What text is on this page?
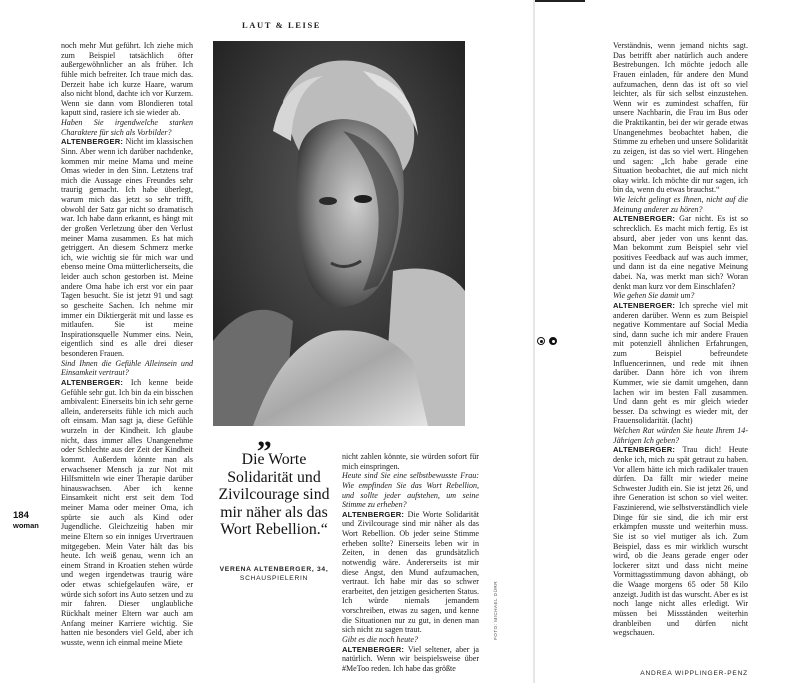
LAUT & LEISE

noch mehr Mut geführt. Ich ziehe mich zum Beispiel tatsächlich öfter außergewöhnlicher an als früher. Ich fühle mich befreiter. Ich traue mich das. Derzeit habe ich kurze Haare, warum also nicht blond, dachte ich vor Kurzem. Wenn sie dann vom Blondieren total kaputt sind, rasiere ich sie wieder ab.

Haben Sie irgendwelche starken Charaktere für sich als Vorbilder?

ALTENBERGER: Nicht im klassischen Sinn. Aber wenn ich darüber nachdenke, kommen mir meine Mama und meine Omas wieder in den Sinn. Letztens traf mich die Aussage eines Freundes sehr traurig gemacht. Ich habe überlegt, warum mich das jetzt so sehr trifft, obwohl der Satz gar nicht so dramatisch war. Ich habe dann erkannt, es hängt mit der großen Verletzung über den Verlust meiner Mama zusammen. Es hat mich getriggert. An diesem Schmerz merke ich, wie wichtig sie für mich war und ebenso meine Oma mütterlicherseits, die leider auch schon gestorben ist. Meine andere Oma habe ich erst vor ein paar Tagen besucht. Sie ist jetzt 91 und sagt so gescheite Sachen. Ich nehme mir immer ein Diktiergerät mit und lasse es mitlaufen. Sie ist meine Inspirationsquelle Nummer eins. Nein, eigentlich sind es alle drei dieser besonderen Frauen.

Sind Ihnen die Gefühle Alleinsein und Einsamkeit vertraut?

ALTENBERGER: Ich kenne beide Gefühle sehr gut. Ich bin da ein bisschen ambivalent: Einerseits bin ich sehr gerne allein, andererseits fühle ich mich auch oft einsam. Man sagt ja, diese Gefühle wurzeln in der Kindheit. Ich glaube nicht, dass immer alles Unangenehme oder Schlechte aus der Zeit der Kindheit kommt. Außerdem könnte man als erwachsener Mensch ja zur Not mit Hilfsmitteln wie einer Therapie darüber hinauswachsen. Aber ich kenne Einsamkeit nicht erst seit dem Tod meiner Mama oder meiner Oma, ich spürte sie auch als Kind oder Jugendliche. Gleichzeitig haben mir meine Eltern so ein inniges Urvertrauen mitgegeben. Mein Vater hält das bis heute. Ich weiß genau, wenn ich an einem Strand in Kroatien stehen würde und wegen irgendetwas traurig wäre oder etwas schiefgelaufen wäre, er würde sich sofort ins Auto setzen und zu mir fahren. Dieser unglaubliche Rückhalt meiner Eltern war auch am Anfang meiner Karriere wichtig. Sie hatten nie besonders viel Geld, aber ich wusste, wenn ich einmal meine Miete

„
Die Worte Solidarität und Zivilcourage sind mir näher als das Wort Rebellion.“
VERENA ALTENBERGER, 34,
SCHAUSPIELERIN

nicht zahlen könnte, sie würden sofort für mich einspringen.

Heute sind Sie eine selbstbewusste Frau: Wie empfinden Sie das Wort Rebellion, und sollte jeder aufstehen, um seine Stimme zu erheben?

ALTENBERGER: Die Worte Solidarität und Zivilcourage sind mir näher als das Wort Rebellion. Ob jeder seine Stimme erheben sollte? Einerseits leben wir in Zeiten, in denen das grundsätzlich notwendig wäre. Andererseits ist mir diese Angst, den Mund aufzumachen, vertraut. Ich habe mir das so schwer erarbeitet, den jetzigen gesicherten Status. Ich würde niemals jemandem vorschreiben, etwas zu sagen, und kenne die Situationen nur zu gut, in denen man sich nicht zu sagen traut.

Gibt es die noch heute?

ALTENBERGER: Viel seltener, aber ja natürlich. Wenn wir beispielsweise über #MeToo reden. Ich habe das größte

FOTO: MICHAEL DÜRR
184
woman

Verständnis, wenn jemand nichts sagt. Das betrifft aber natürlich auch andere Bestrebungen. Ich möchte jedoch alle Frauen einladen, für andere den Mund aufzumachen, denn das ist oft so viel leichter, als für sich selbst einzustehen. Wenn wir es zumindest schaffen, für unsere Nachbarin, die Frau im Bus oder die Praktikantin, bei der wir gerade etwas Unangenehmes beobachtet haben, die Stimme zu erheben und unsere Solidarität zu zeigen, ist das so viel wert. Hingehen und sagen: „Ich habe gerade eine Situation beobachtet, die auf mich nicht okay wirkt. Ich möchte dir nur sagen, ich bin da, wenn du etwas brauchst.“

Wie leicht gelingt es Ihnen, nicht auf die Meinung anderer zu hören?

ALTENBERGER: Gar nicht. Es ist so schrecklich. Es macht mich fertig. Es ist absurd, aber jeder von uns kennt das. Man bekommt zum Beispiel sehr viel positives Feedback auf was auch immer, und dann ist da eine negative Meinung dabei. Na, was merkt man sich? Woran denkt man kurz vor dem Einschlafen?

Wie gehen Sie damit um?

ALTENBERGER: Ich spreche viel mit anderen darüber. Wenn es zum Beispiel negative Kommentare auf Social Media sind, dann suche ich mir andere Frauen mit potenziell ähnlichen Erfahrungen, zum Beispiel befreundete Influencerinnen, und rede mit ihnen darüber. Dann höre ich von ihrem Kummer, wie sie damit umgehen, dann lachen wir im besten Fall zusammen. Und dann geht es mir gleich wieder besser. Da schwingt es wieder mit, der Frauensolidarität. (lacht)

Welchen Rat würden Sie heute Ihrem 14-Jährigen Ich geben?

ALTENBERGER: Trau dich! Heute denke ich, mich zu spät getraut zu haben. Vor allem hätte ich mich radikaler trauen dürfen. Da fällt mir wieder meine Schwester Judith ein. Sie ist jetzt 26, und ihre Generation ist schon so viel weiter. Faszinierend, wie selbstverständlich viele Dinge für sie sind, die ich mir erst erkämpfen musste und weiterhin muss. Sie ist so viel mutiger als ich. Zum Beispiel, dass es mir wirklich wurscht wird, ob die Jeans gerade enger oder lockerer sitzt und dass nicht meine Vormittagsstimmung davon abhängt, ob die Waage morgens 65 oder 58 Kilo anzeigt. Judith ist das wurscht. Aber es ist noch lange nicht alles erledigt. Wir müssen bei Missständen weiterhin dranbleiben und dürfen nicht wegschauen.

ANDREA WIPPLINGER-PENZ
